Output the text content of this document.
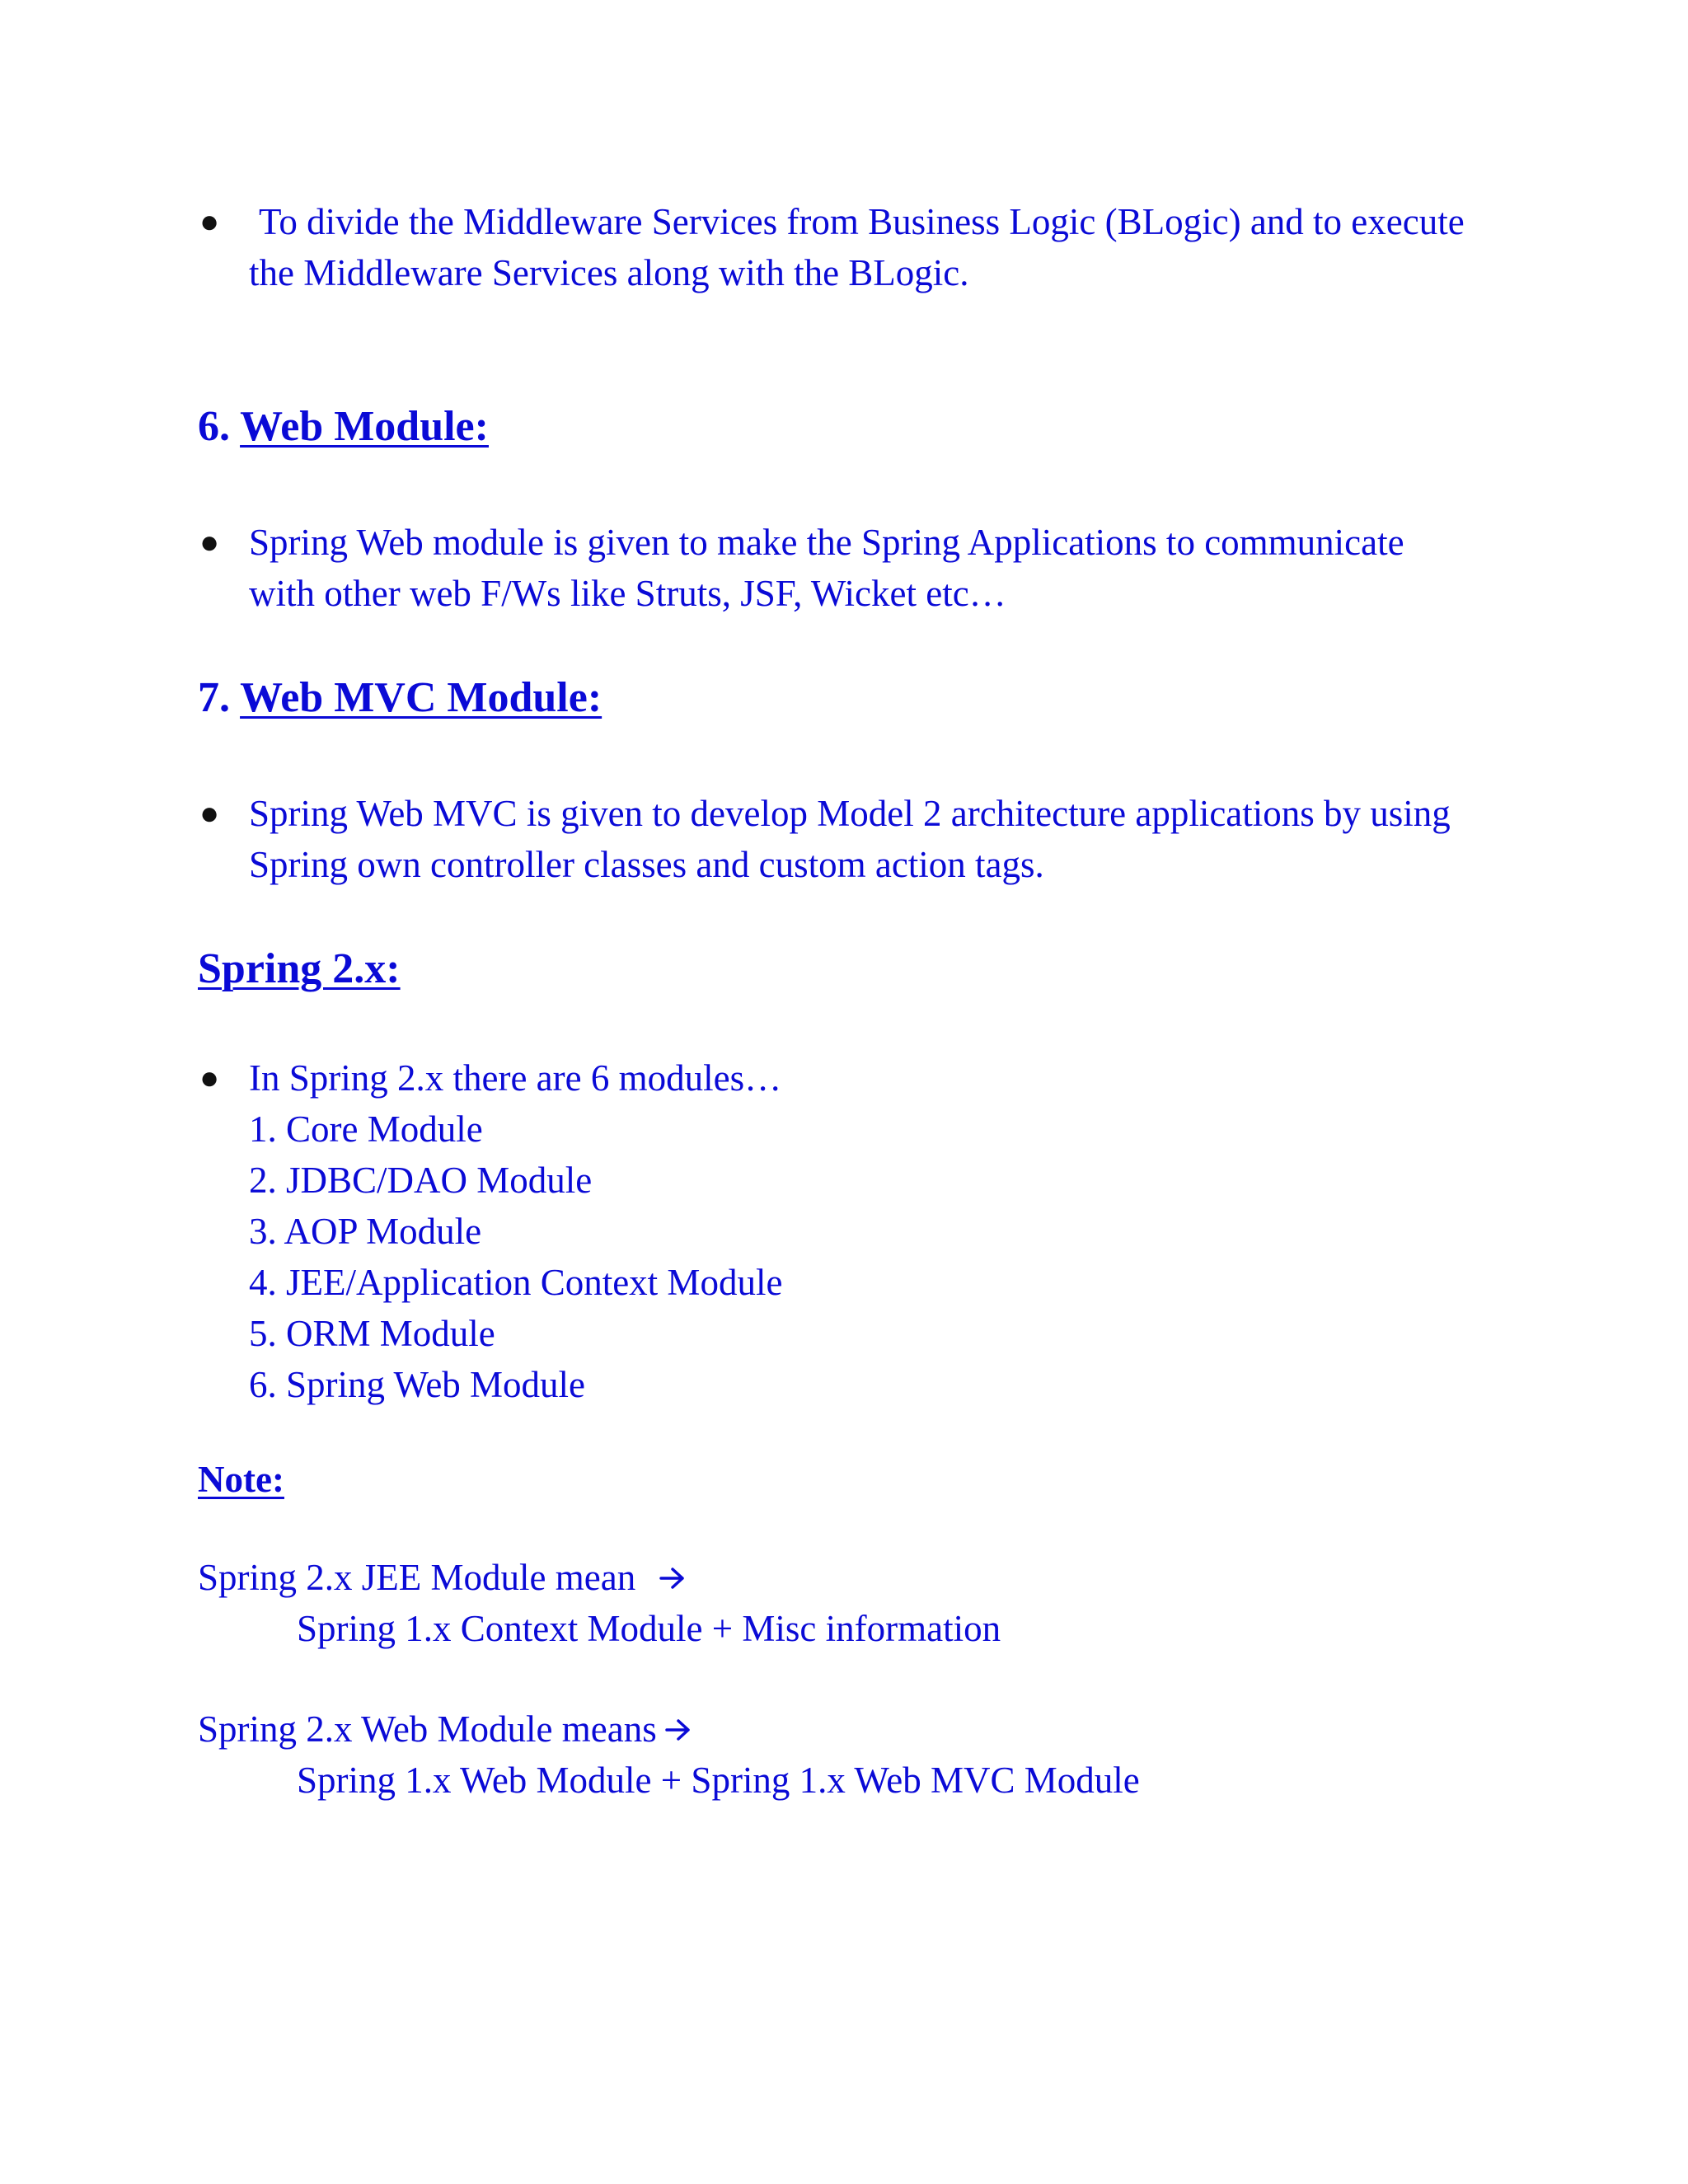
● To divide the Middleware Services from Business Logic (BLogic) and to execute
the Middleware Services along with the BLogic.
6. Web Module:
● Spring Web module is given to make the Spring Applications to communicate
with other web F/Ws like Struts, JSF, Wicket etc…
7. Web MVC Module:
● Spring Web MVC is given to develop Model 2 architecture applications by using
Spring own controller classes and custom action tags.
Spring 2.x:
● In Spring 2.x there are 6 modules…
1. Core Module
2. JDBC/DAO Module
3. AOP Module
4. JEE/Application Context Module
5. ORM Module
6. Spring Web Module
Note:
Spring 2.x JEE Module mean
Spring 1.x Context Module + Misc information
Spring 2.x Web Module means
Spring 1.x Web Module + Spring 1.x Web MVC Module
